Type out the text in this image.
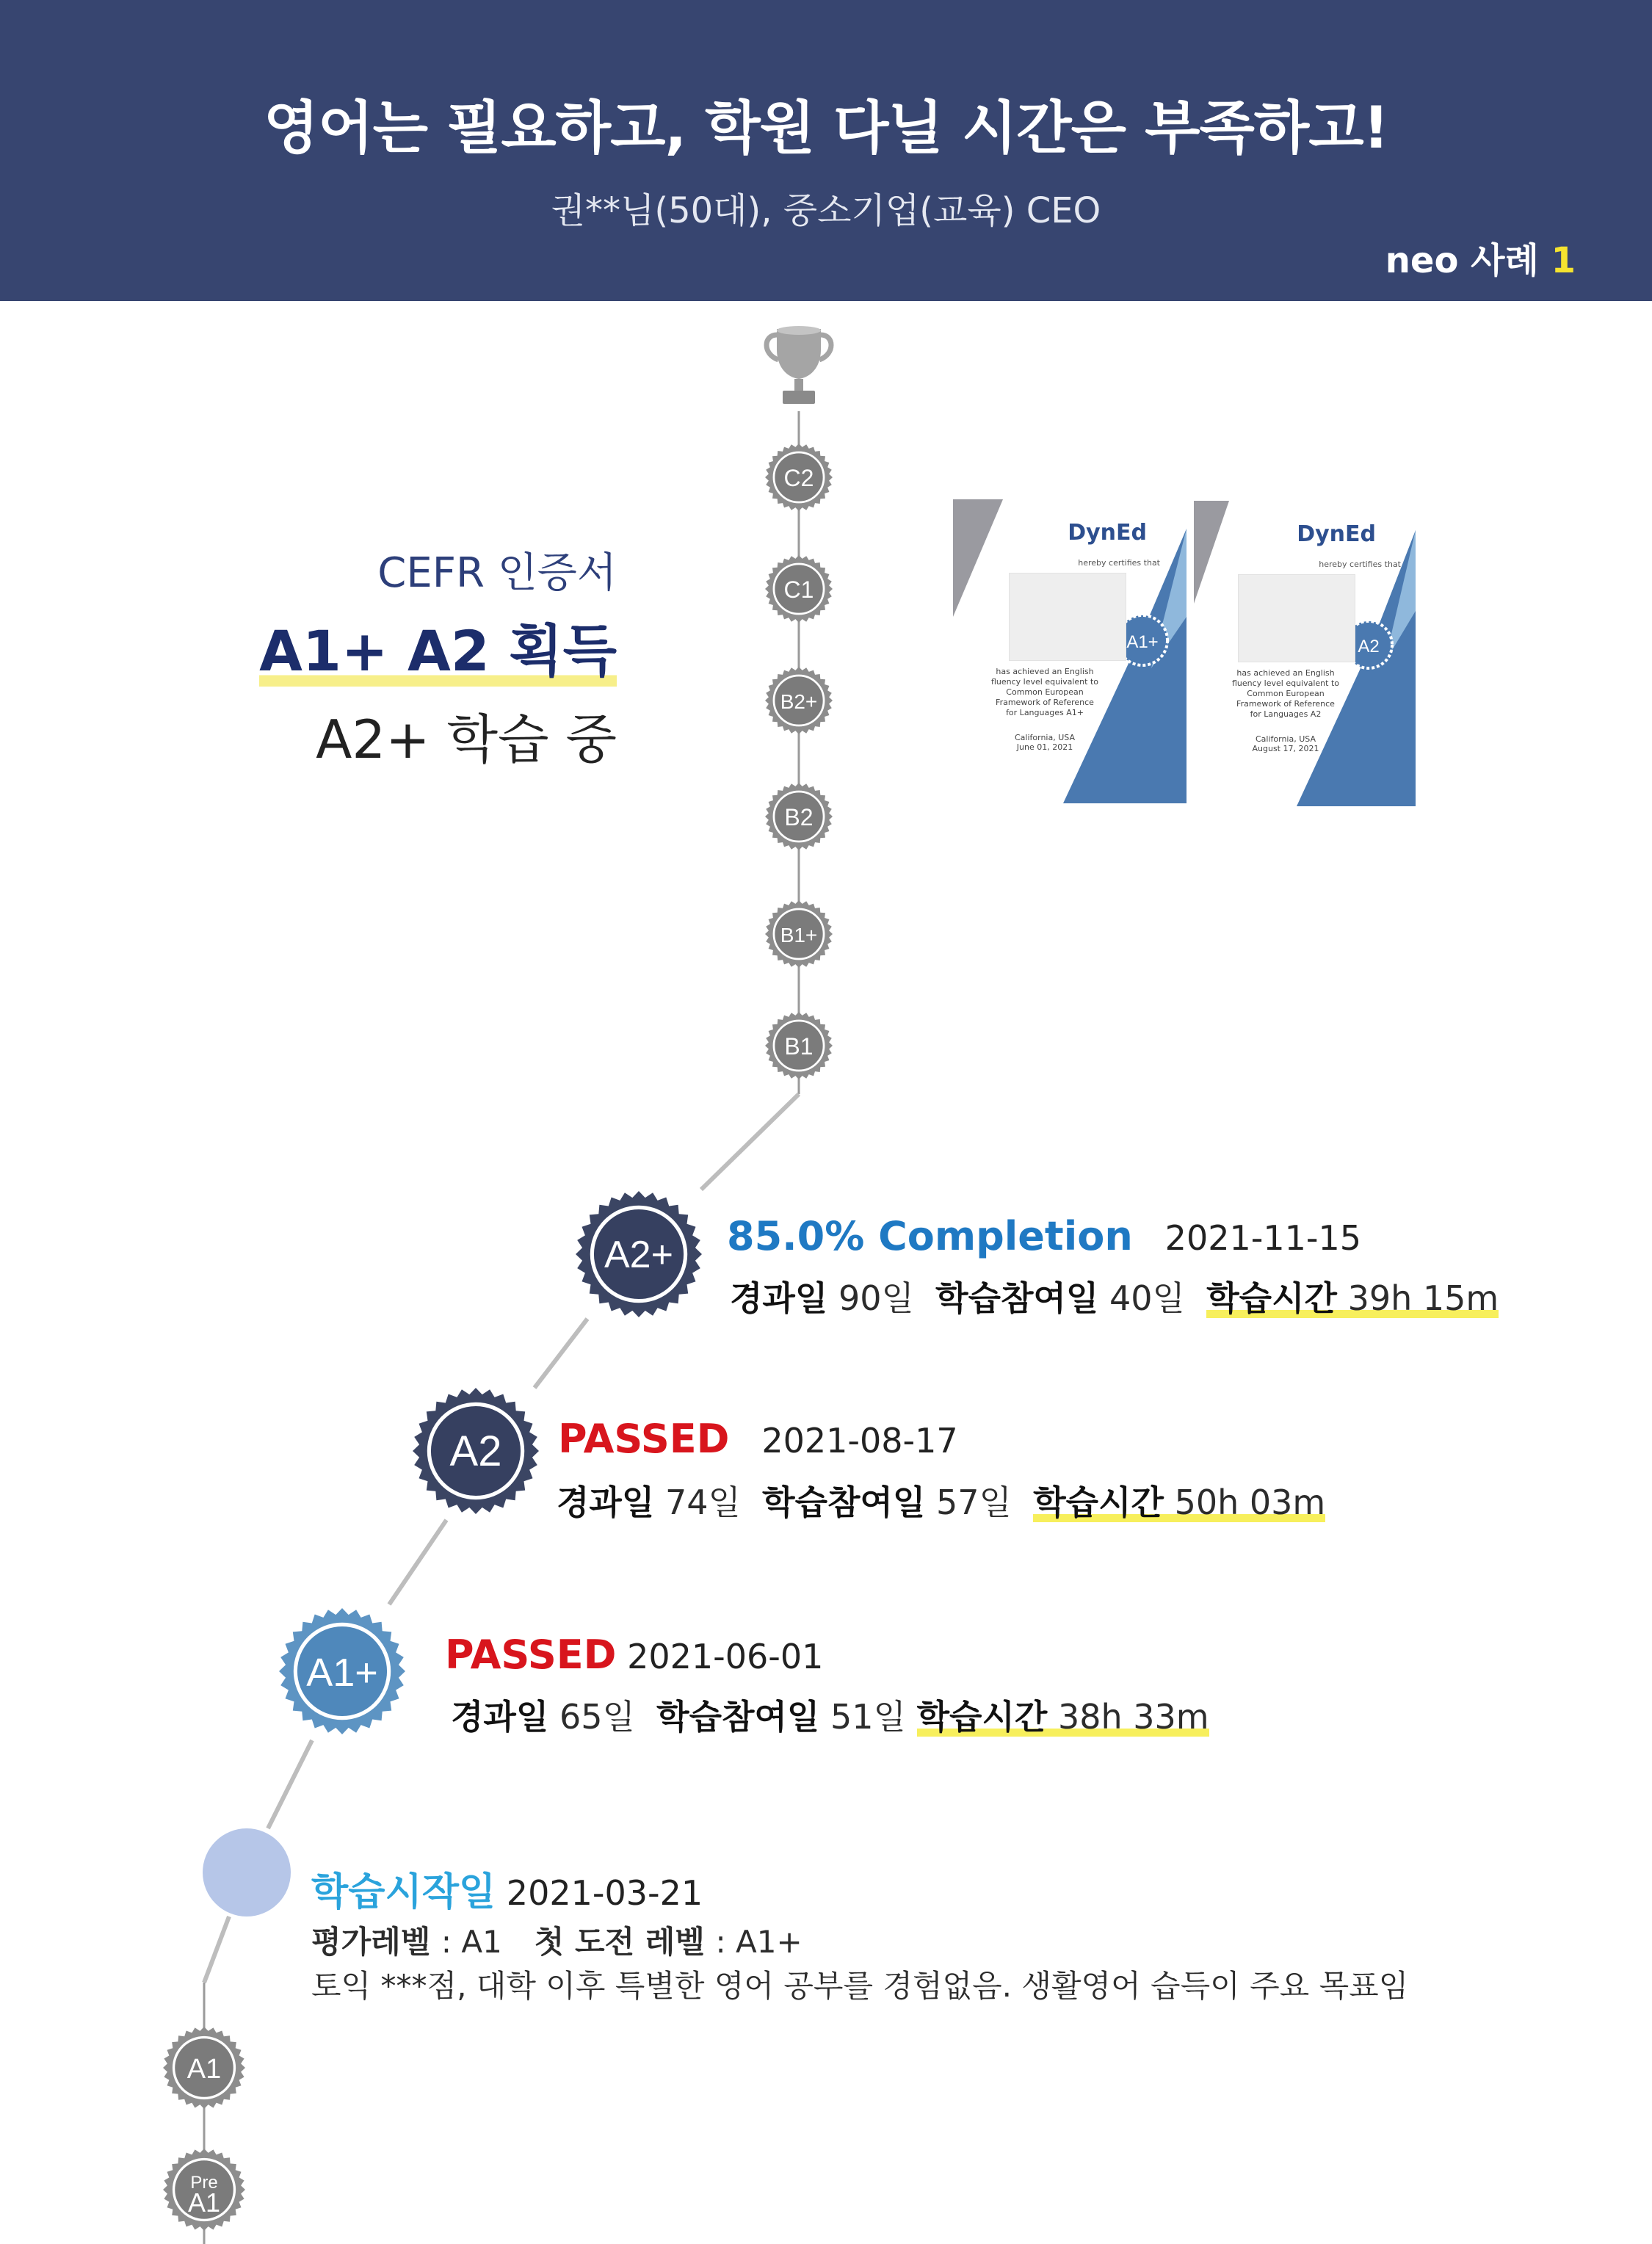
영어는 필요하고, 학원 다닐 시간은 부족하고!
권**님(50대), 중소기업(교육) CEO
neo 사례 1
C2
C1
B2+
B2
B1+
B1
CEFR 인증서
A1+ A2 획득
A2+ 학습 중
DynEd
hereby certifies that
has achieved an English
fluency level equivalent to
Common European
Framework of Reference
for Languages A1+
California, USA
June 01, 2021
A1+
DynEd
hereby certifies that
has achieved an English
fluency level equivalent to
Common European
Framework of Reference
for Languages A2
California, USA
August 17, 2021
A2
A2+ 85.0% Completion 2021-11-15
경과일 90일 학습참여일 40일 학습시간 39h 15m
A2 PASSED 2021-08-17
경과일 74일 학습참여일 57일 학습시간 50h 03m
A1+ PASSED 2021-06-01
경과일 65일 학습참여일 51일 학습시간 38h 33m
학습시작일 2021-03-21
평가레벨 : A1 첫 도전 레벨 : A1+
토익 ***점, 대학 이후 특별한 영어 공부를 경험없음. 생활영어 습득이 주요 목표임
A1
Pre
A1
